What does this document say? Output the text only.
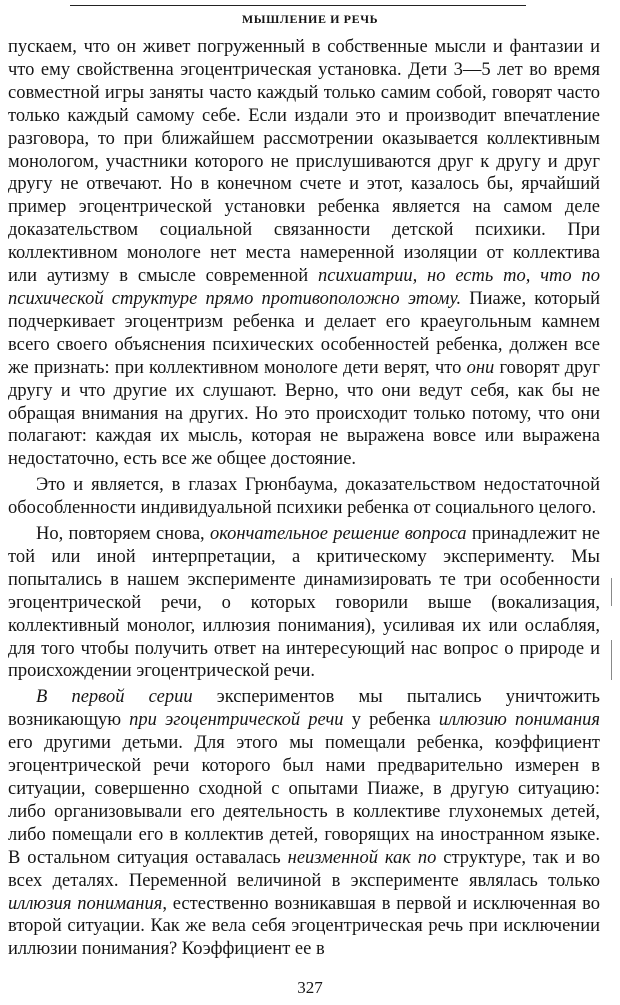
МЫШЛЕНИЕ И РЕЧЬ

пускаем, что он живет погруженный в собственные мысли и фантазии и что ему свойственна эгоцентрическая установка. Дети 3—5 лет во время совместной игры заняты часто каждый только самим собой, говорят часто только каждый самому себе. Если издали это и производит впечатление разговора, то при ближайшем рассмотрении оказывается коллективным монологом, участники которого не прислушиваются друг к другу и друг другу не отвечают. Но в конечном счете и этот, казалось бы, ярчайший пример эгоцентрической установки ребенка является на самом деле доказательством социальной связанности детской психики. При коллективном монологе нет места намеренной изоляции от коллектива или аутизму в смысле современной психиатрии, но есть то, что по психической структуре прямо противоположно этому. Пиаже, который подчеркивает эгоцентризм ребенка и делает его краеугольным камнем всего своего объяснения психических особенностей ребенка, должен все же признать: при коллективном монологе дети верят, что они говорят друг другу и что другие их слушают. Верно, что они ведут себя, как бы не обращая внимания на других. Но это происходит только потому, что они полагают: каждая их мысль, которая не выражена вовсе или выражена недостаточно, есть все же общее достояние.

Это и является, в глазах Грюнбаума, доказательством недостаточной обособленности индивидуальной психики ребенка от социального целого.

Но, повторяем снова, окончательное решение вопроса принадлежит не той или иной интерпретации, а критическому эксперименту. Мы попытались в нашем эксперименте динамизировать те три особенности эгоцентрической речи, о которых говорили выше (вокализация, коллективный монолог, иллюзия понимания), усиливая их или ослабляя, для того чтобы получить ответ на интересующий нас вопрос о природе и происхождении эгоцентрической речи.

В первой серии экспериментов мы пытались уничтожить возникающую при эгоцентрической речи у ребенка иллюзию понимания его другими детьми. Для этого мы помещали ребенка, коэффициент эгоцентрической речи которого был нами предварительно измерен в ситуации, совершенно сходной с опытами Пиаже, в другую ситуацию: либо организовывали его деятельность в коллективе глухонемых детей, либо помещали его в коллектив детей, говорящих на иностранном языке. В остальном ситуация оставалась неизменной как по структуре, так и во всех деталях. Переменной величиной в эксперименте являлась только иллюзия понимания, естественно возникавшая в первой и исключенная во второй ситуации. Как же вела себя эгоцентрическая речь при исключении иллюзии понимания? Коэффициент ее в

327
